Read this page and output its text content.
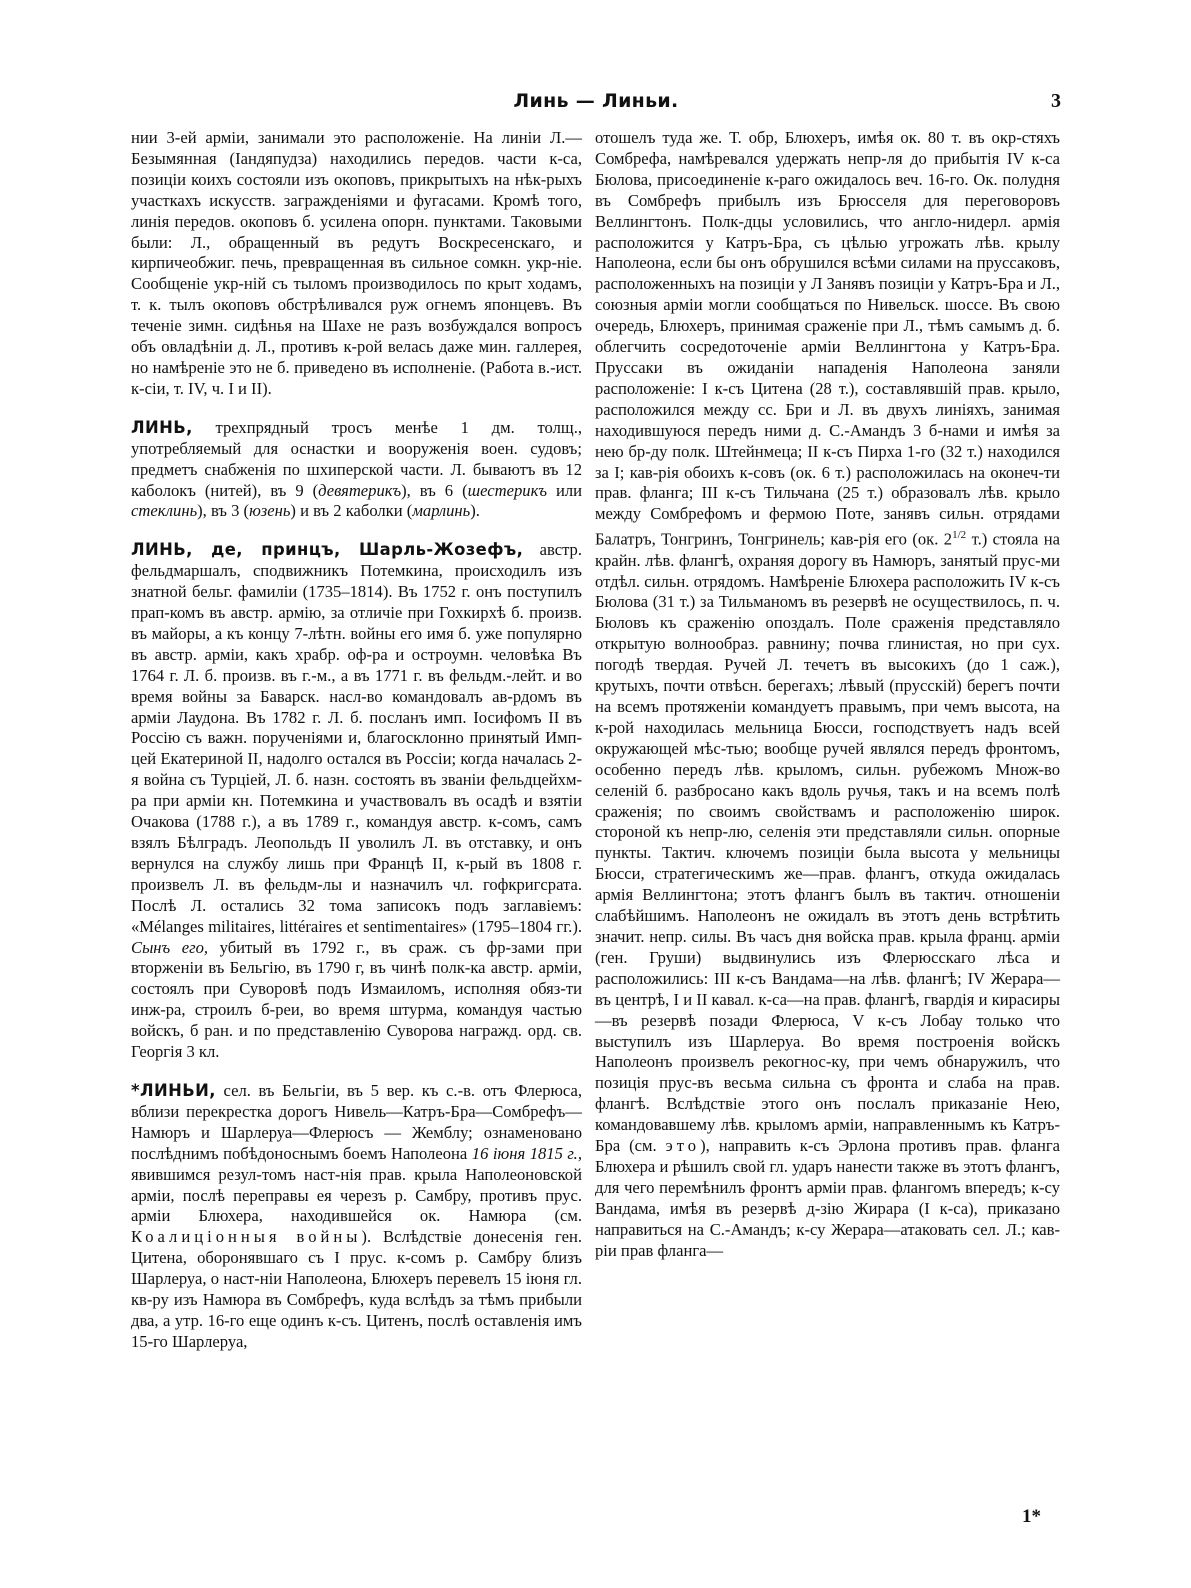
Линь — Линьи.	3

нии 3-ей арміи, занимали это расположеніе. На линіи Л.—Безымянная (Іандяпудза) находились передов. части к-са, позиціи коихъ состояли изъ окоповъ, прикрытыхъ на нѣк-рыхъ участкахъ искусств. загражденіями и фугасами. Кромѣ того, линія передов. окоповъ б. усилена опорн. пунктами. Таковыми были: Л., обращенный въ редутъ Воскресенскаго, и кирпичеобжиг. печь, превращенная въ сильное сомкн. укр-ніе. Сообщеніе укр-ній съ тыломъ производилось по крыт ходамъ, т. к. тылъ окоповъ обстрѣливался руж огнемъ японцевъ. Въ теченіе зимн. сидѣнья на Шахе не разъ возбуждался вопросъ объ овладѣніи д. Л., противъ к-рой велась даже мин. галлерея, но намѣреніе это не б. приведено въ исполненіе. (Работа в.-ист. к-сіи, т. IV, ч. I и II).

ЛИНЬ, трехпрядный тросъ менѣе 1 дм. толщ., употребляемый для оснастки и вооруженія воен. судовъ; предметъ снабженія по шхиперской части. Л. бываютъ въ 12 каболокъ (нитей), въ 9 (девятерикъ), въ 6 (шестерикъ или стеклинь), въ 3 (юзень) и въ 2 каболки (марлинь).

ЛИНЬ, де, принцъ, Шарль-Жозефъ, австр. фельдмаршалъ, сподвижникъ Потемкина, происходилъ изъ знатной бельг. фамиліи (1735–1814). Въ 1752 г. онъ поступилъ прап-комъ въ австр. армію, за отличіе при Гохкирхѣ б. произв. въ майоры, а къ концу 7-лѣтн. войны его имя б. уже популярно въ австр. арміи, какъ храбр. оф-ра и остроумн. человѣка Въ 1764 г. Л. б. произв. въ г.-м., а въ 1771 г. въ фельдм.-лейт. и во время войны за Баварск. насл-во командовалъ ав-рдомъ въ арміи Лаудона. Въ 1782 г. Л. б. посланъ имп. Іосифомъ II въ Россію съ важн. порученіями и, благосклонно принятый Имп-цей Екатериной II, надолго остался въ Россіи; когда началась 2-я война съ Турціей, Л. б. назн. состоять въ званіи фельдцейхм-ра при арміи кн. Потемкина и участвовалъ въ осадѣ и взятіи Очакова (1788 г.), а въ 1789 г., командуя австр. к-сомъ, самъ взялъ Бѣлградъ. Леопольдъ II уволилъ Л. въ отставку, и онъ вернулся на службу лишь при Францѣ II, к-рый въ 1808 г. произвелъ Л. въ фельдм-лы и назначилъ чл. гофкригсрата. Послѣ Л. остались 32 тома записокъ подъ заглавіемъ: «Mélanges militaires, littéraires et sentimentaires» (1795–1804 гг.). Сынъ его, убитый въ 1792 г., въ сраж. съ фр-зами при вторженіи въ Бельгію, въ 1790 г, въ чинѣ полк-ка австр. арміи, состоялъ при Суворовѣ подъ Измаиломъ, исполняя обяз-ти инж-ра, строилъ б-реи, во время штурма, командуя частью войскъ, б ран. и по представленію Суворова награжд. орд. св. Георгія 3 кл.

*ЛИНЬИ, сел. въ Бельгіи, въ 5 вер. къ с.-в. отъ Флерюса, вблизи перекрестка дорогъ Нивель—Катръ-Бра—Сомбрефъ—Намюръ и Шарлеруа—Флерюсъ — Жемблу; ознаменовано послѣднимъ побѣдоноснымъ боемъ Наполеона 16 іюня 1815 г., явившимся резул-томъ наст-нія прав. крыла Наполеоновской арміи, послѣ переправы ея черезъ р. Самбру, противъ прус. арміи Блюхера, находившейся ок. Намюра (см. Коалиціонныя войны). Вслѣдствіе донесенія ген. Цитена, оборонявшаго съ I прус. к-сомъ р. Самбру близъ Шарлеруа, о наст-ніи Наполеона, Блюхеръ перевелъ 15 іюня гл. кв-ру изъ Намюра въ Сомбрефъ, куда вслѣдъ за тѣмъ прибыли два, а утр. 16-го еще одинъ к-съ. Цитенъ, послѣ оставленія имъ 15-го Шарлеруа,

отошелъ туда же. Т. обр, Блюхеръ, имѣя ок. 80 т. въ окр-стяхъ Сомбрефа, намѣревался удержать непр-ля до прибытія IV к-са Бюлова, присоединеніе к-раго ожидалось веч. 16-го. Ок. полудня въ Сомбрефъ прибылъ изъ Брюсселя для переговоровъ Веллингтонъ. Полк-дцы условились, что англо-нидерл. армія расположится у Катръ-Бра, съ цѣлью угрожать лѣв. крылу Наполеона, если бы онъ обрушился всѣми силами на пруссаковъ, расположенныхъ на позиціи у Л Занявъ позиціи у Катръ-Бра и Л., союзныя арміи могли сообщаться по Нивельск. шоссе. Въ свою очередь, Блюхеръ, принимая сраженіе при Л., тѣмъ самымъ д. б. облегчить сосредоточеніе арміи Веллингтона у Катръ-Бра. Пруссаки въ ожиданіи нападенія Наполеона заняли расположеніе: I к-съ Цитена (28 т.), составлявшій прав. крыло, расположился между сс. Бри и Л. въ двухъ линіяхъ, занимая находившуюся передъ ними д. С.-Амандъ 3 б-нами и имѣя за нею бр-ду полк. Штейнмеца; II к-съ Пирха 1-го (32 т.) находился за I; кав-рія обоихъ к-совъ (ок. 6 т.) расположилась на оконеч-ти прав. фланга; III к-съ Тильчана (25 т.) образовалъ лѣв. крыло между Сомбрефомъ и фермою Поте, занявъ сильн. отрядами Балатръ, Тонгринъ, Тонгринель; кав-рія его (ок. $2^{1/2}$ т.) стояла на крайн. лѣв. флангѣ, охраняя дорогу въ Намюръ, занятый прус-ми отдѣл. сильн. отрядомъ. Намѣреніе Блюхера расположить IV к-съ Бюлова (31 т.) за Тильманомъ въ резервѣ не осуществилось, п. ч. Бюловъ къ сраженію опоздалъ. Поле сраженія представляло открытую волнообраз. равнину; почва глинистая, но при сух. погодѣ твердая. Ручей Л. течетъ въ высокихъ (до 1 саж.), крутыхъ, почти отвѣсн. берегахъ; лѣвый (прусскій) берегъ почти на всемъ протяженіи командуетъ правымъ, при чемъ высота, на к-рой находилась мельница Бюсси, господствуетъ надъ всей окружающей мѣс-тью; вообще ручей являлся передъ фронтомъ, особенно передъ лѣв. крыломъ, сильн. рубежомъ Множ-во селеній б. разбросано какъ вдоль ручья, такъ и на всемъ полѣ сраженія; по своимъ свойствамъ и расположенію широк. стороной къ непр-лю, селенія эти представляли сильн. опорные пункты. Тактич. ключемъ позиціи была высота у мельницы Бюсси, стратегическимъ же—прав. флангъ, откуда ожидалась армія Веллингтона; этотъ флангъ былъ въ тактич. отношеніи слабѣйшимъ. Наполеонъ не ожидалъ въ этотъ день встрѣтить значит. непр. силы. Въ часъ дня войска прав. крыла франц. арміи (ген. Груши) выдвинулись изъ Флерюсскаго лѣса и расположились: III к-съ Вандама—на лѣв. флангѣ; IV Жерара—въ центрѣ, I и II кавал. к-са—на прав. флангѣ, гвардія и кирасиры—въ резервѣ позади Флерюса, V к-съ Лобау только что выступилъ изъ Шарлеруа. Во время построенія войскъ Наполеонъ произвелъ рекогнос-ку, при чемъ обнаружилъ, что позиція прус-въ весьма сильна съ фронта и слаба на прав. флангѣ. Вслѣдствіе этого онъ послалъ приказаніе Нею, командовавшему лѣв. крыломъ арміи, направленнымъ къ Катръ-Бра (см. это), направить к-съ Эрлона противъ прав. фланга Блюхера и рѣшилъ свой гл. ударъ нанести также въ этотъ флангъ, для чего перемѣнилъ фронтъ арміи прав. флангомъ впередъ; к-су Вандама, имѣя въ резервѣ д-зію Жирара (I к-са), приказано направиться на С.-Амандъ; к-су Жерара—атаковать сел. Л.; кав-ріи прав фланга—

1*
